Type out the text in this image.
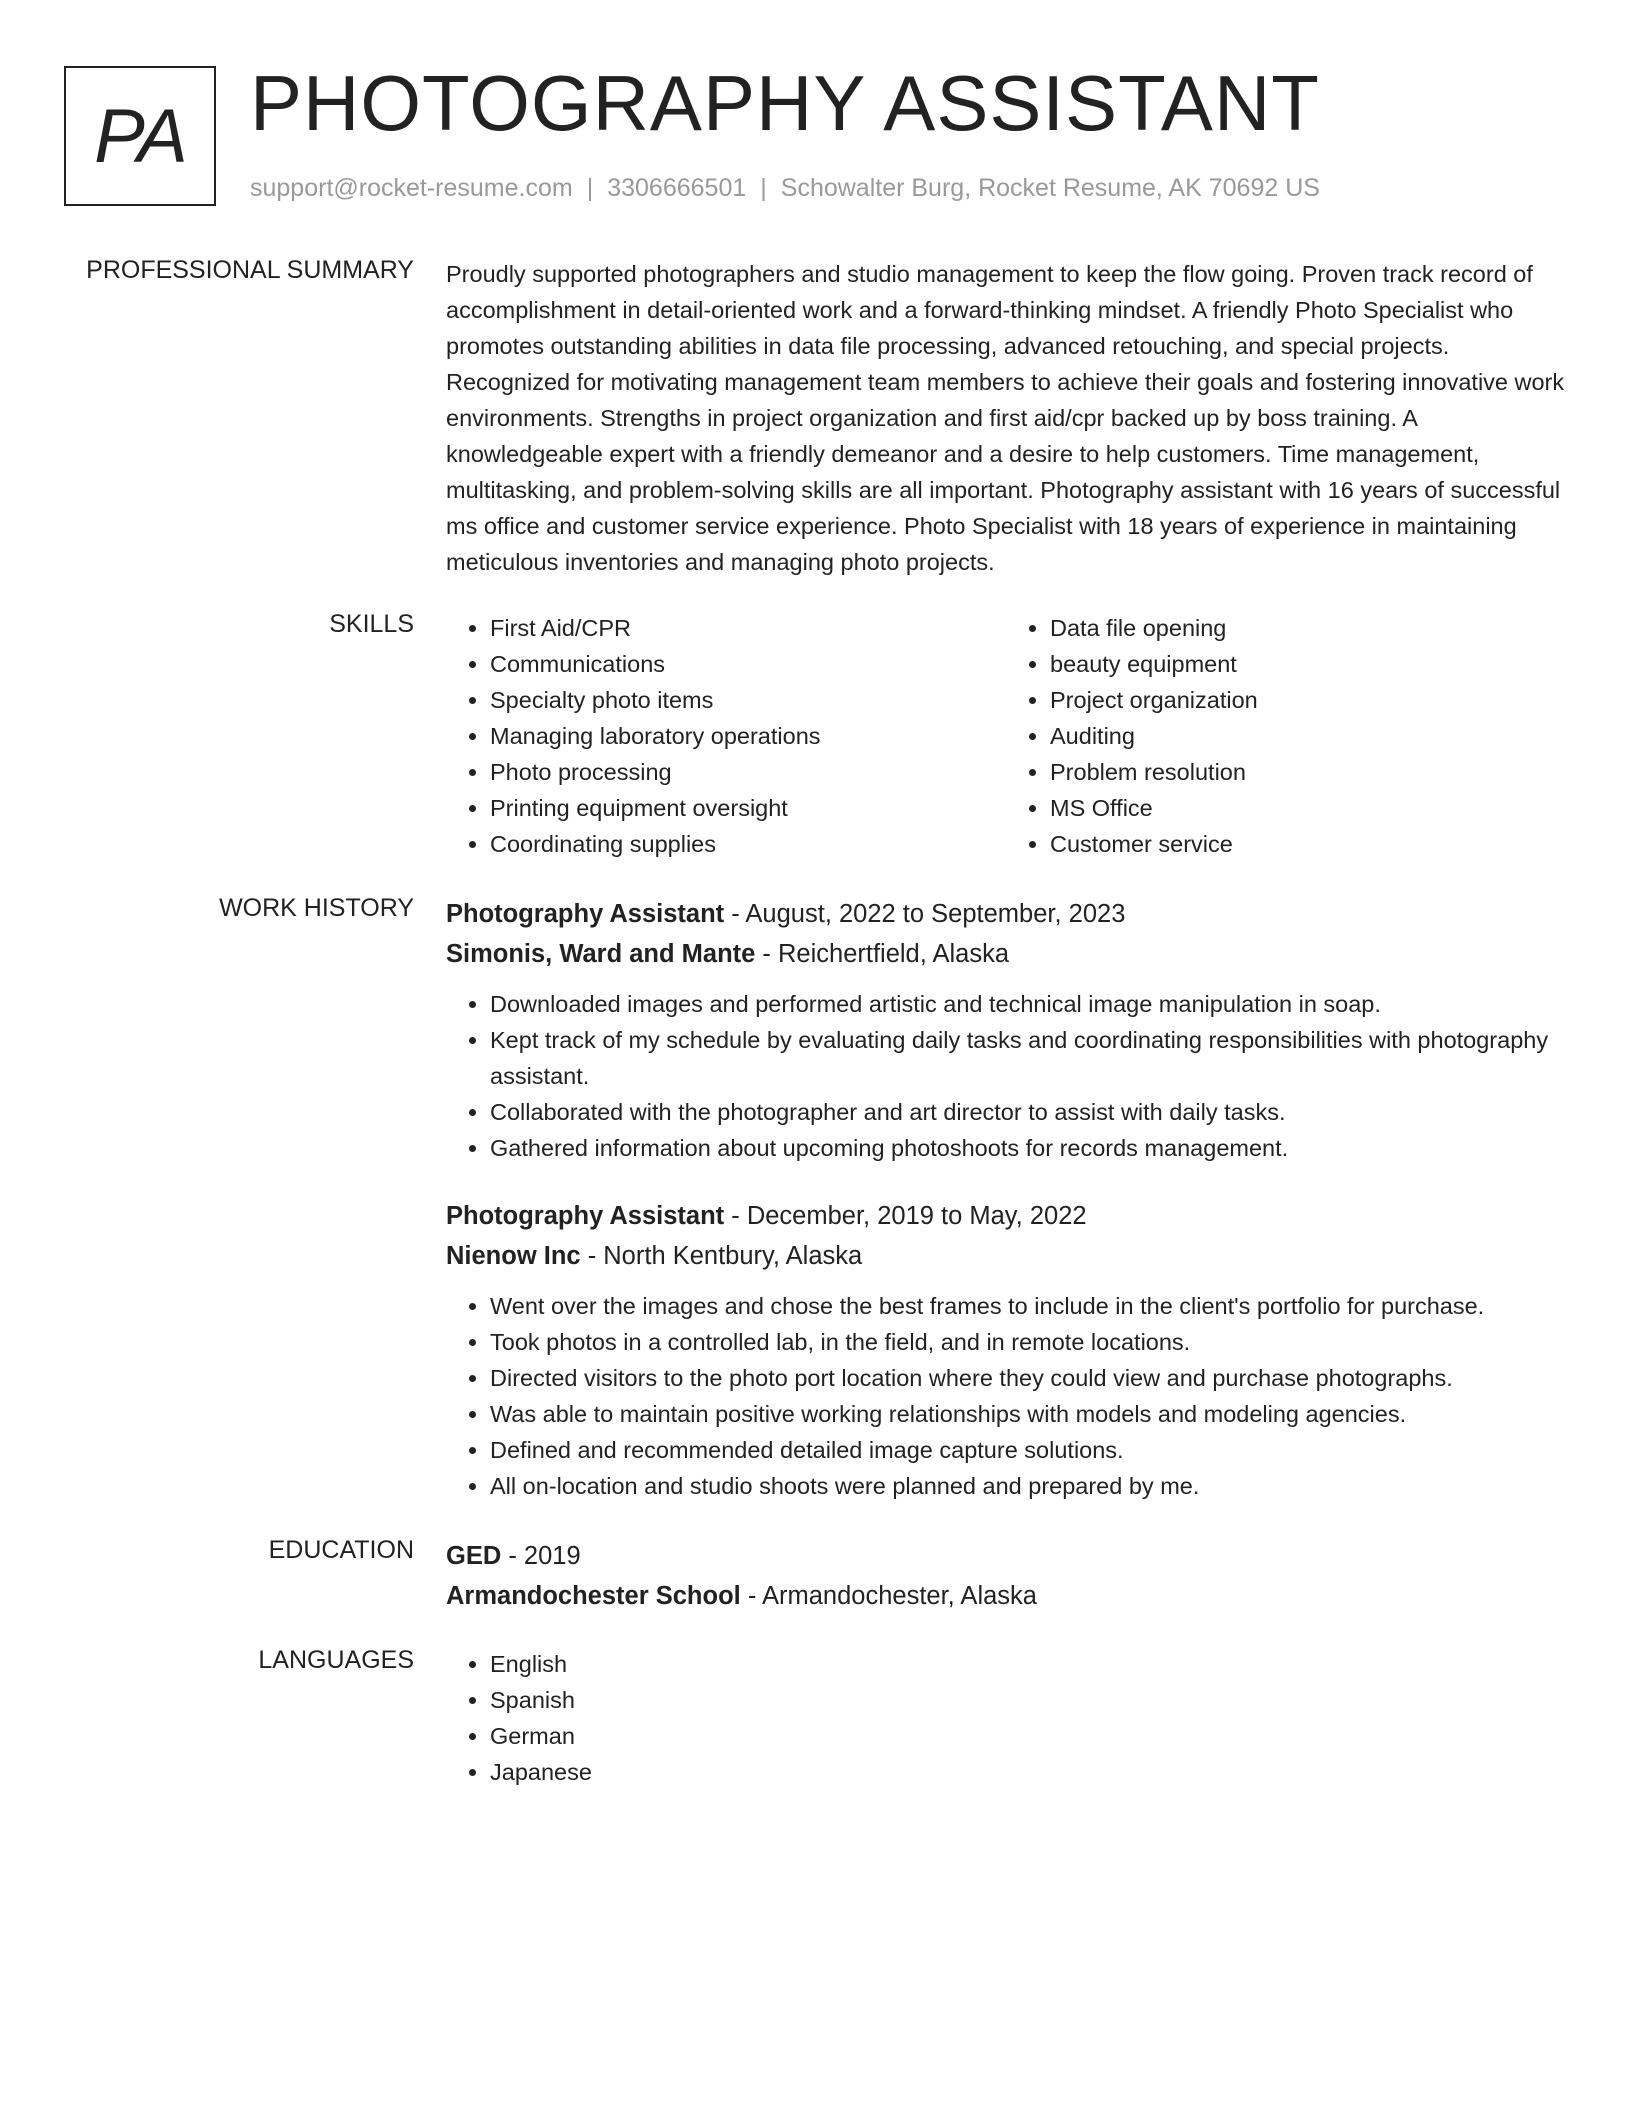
PA PHOTOGRAPHY ASSISTANT
support@rocket-resume.com | 3306666501 | Schowalter Burg, Rocket Resume, AK 70692 US
PROFESSIONAL SUMMARY Proudly supported photographers and studio management to keep the flow going. Proven track record of accomplishment in detail-oriented work and a forward-thinking mindset. A friendly Photo Specialist who promotes outstanding abilities in data file processing, advanced retouching, and special projects. Recognized for motivating management team members to achieve their goals and fostering innovative work environments. Strengths in project organization and first aid/cpr backed up by boss training. A knowledgeable expert with a friendly demeanor and a desire to help customers. Time management, multitasking, and problem-solving skills are all important. Photography assistant with 16 years of successful ms office and customer service experience. Photo Specialist with 18 years of experience in maintaining meticulous inventories and managing photo projects.
SKILLS	• First Aid/CPR
• Communications
• Specialty photo items
• Managing laboratory operations
• Photo processing
• Printing equipment oversight
• Coordinating supplies
• Data file opening
• beauty equipment
• Project organization
• Auditing
• Problem resolution
• MS Office
• Customer service
WORK HISTORY Photography Assistant - August, 2022 to September, 2023
Simonis, Ward and Mante - Reichertfield, Alaska
• Downloaded images and performed artistic and technical image manipulation in soap.
• Kept track of my schedule by evaluating daily tasks and coordinating responsibilities with photography assistant.
• Collaborated with the photographer and art director to assist with daily tasks.
• Gathered information about upcoming photoshoots for records management.
Photography Assistant - December, 2019 to May, 2022
Nienow Inc - North Kentbury, Alaska
• Went over the images and chose the best frames to include in the client's portfolio for purchase.
• Took photos in a controlled lab, in the field, and in remote locations.
• Directed visitors to the photo port location where they could view and purchase photographs.
• Was able to maintain positive working relationships with models and modeling agencies.
• Defined and recommended detailed image capture solutions.
• All on-location and studio shoots were planned and prepared by me.
EDUCATION GED - 2019
Armandochester School - Armandochester, Alaska
LANGUAGES	• English
• Spanish
• German
• Japanese
